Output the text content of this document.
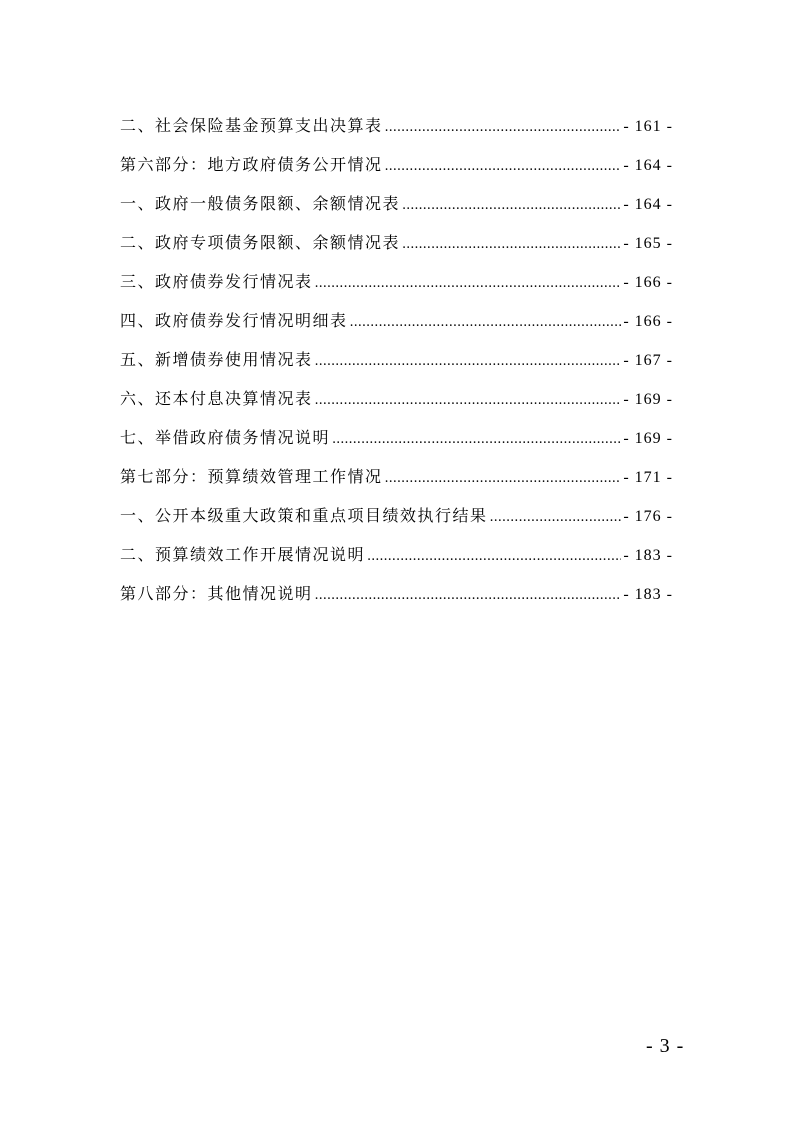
二、社会保险基金预算支出决算表 .....	- 161 -
第六部分：地方政府债务公开情况 .....	- 164 -
一、政府一般债务限额、余额情况表 .....	- 164 -
二、政府专项债务限额、余额情况表 .....	- 165 -
三、政府债券发行情况表 .....	- 166 -
四、政府债券发行情况明细表 .....	- 166 -
五、新增债券使用情况表 .....	- 167 -
六、还本付息决算情况表 .....	- 169 -
七、举借政府债务情况说明 .....	- 169 -
第七部分：预算绩效管理工作情况 .....	- 171 -
一、公开本级重大政策和重点项目绩效执行结果 .....	- 176 -
二、预算绩效工作开展情况说明 .....	- 183 -
第八部分：其他情况说明 .....	- 183 -
- 3 -
